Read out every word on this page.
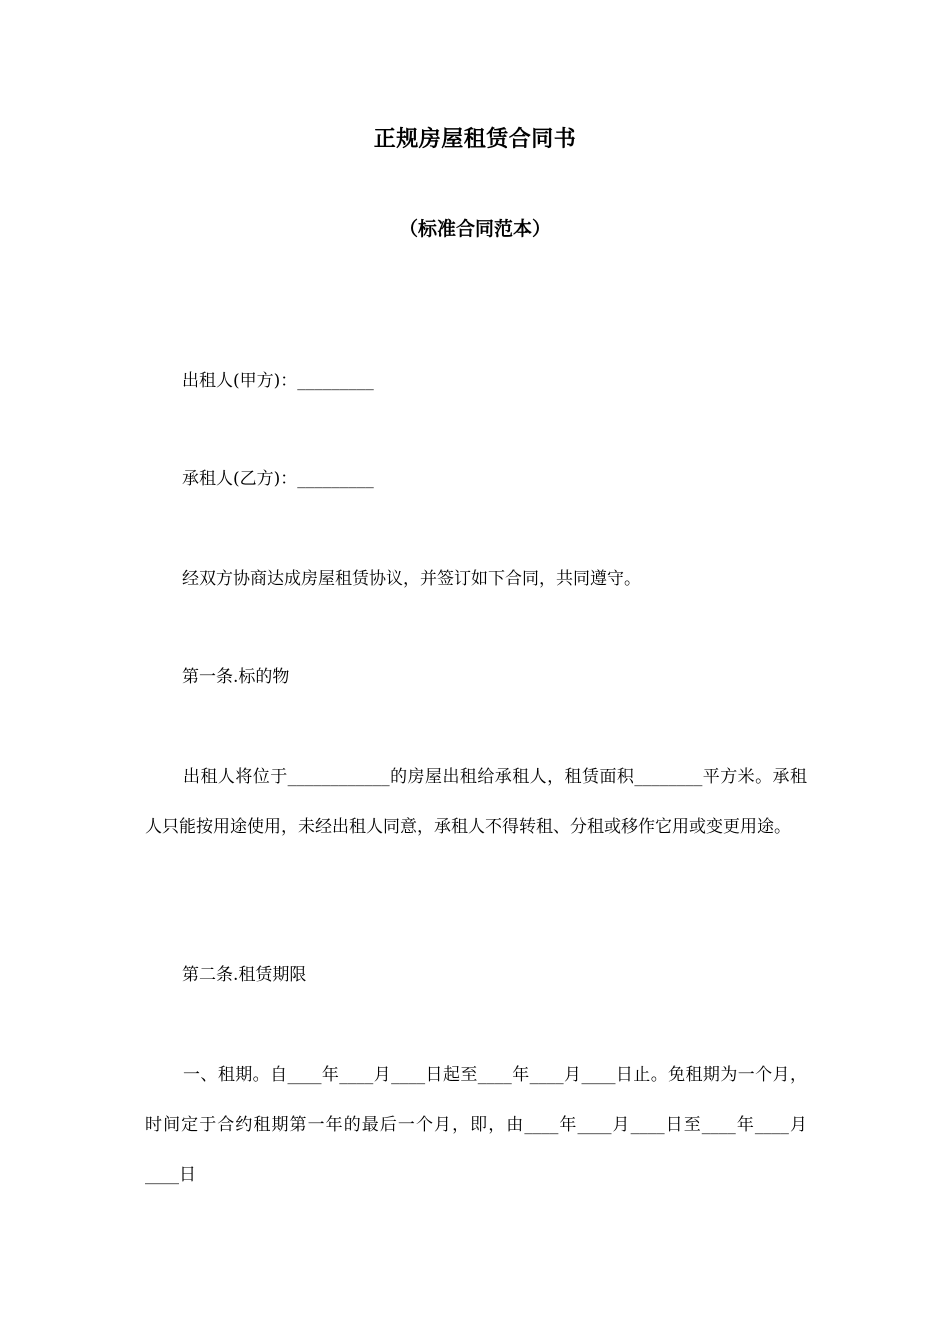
正规房屋租赁合同书
（标准合同范本）
出租人(甲方)：_________
承租人(乙方)：_________
经双方协商达成房屋租赁协议，并签订如下合同，共同遵守。
第一条.标的物
出租人将位于____________的房屋出租给承租人，租赁面积________平方米。承租人只能按用途使用，未经出租人同意，承租人不得转租、分租或移作它用或变更用途。
第二条.租赁期限
一、租期。自____年____月____日起至____年____月____日止。免租期为一个月，时间定于合约租期第一年的最后一个月，即，由____年____月____日至____年____月____日
